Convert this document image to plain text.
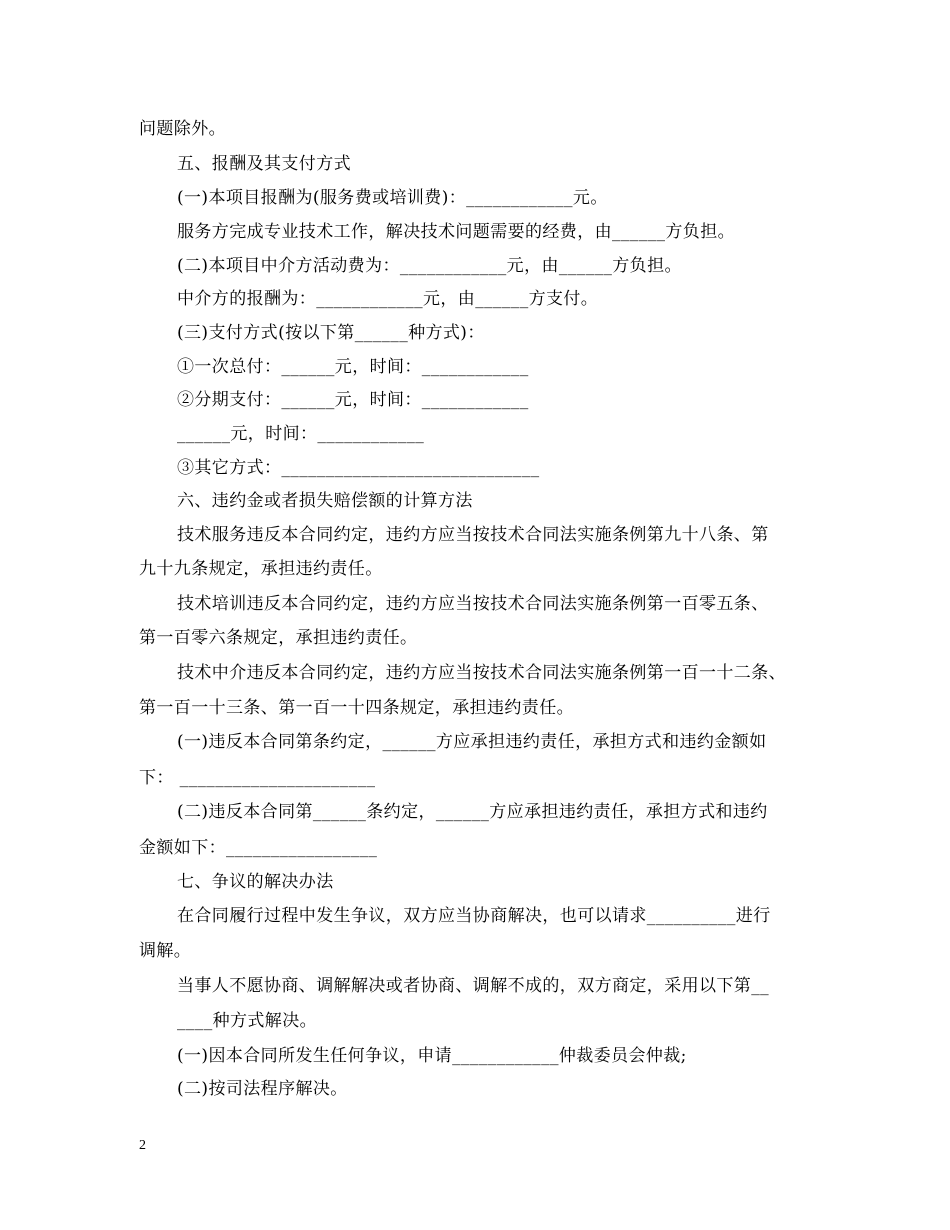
问题除外。
五、报酬及其支付方式
(一)本项目报酬为(服务费或培训费)：____________元。
服务方完成专业技术工作，解决技术问题需要的经费，由______方负担。
(二)本项目中介方活动费为：____________元，由______方负担。
中介方的报酬为：____________元，由______方支付。
(三)支付方式(按以下第______种方式)：
①一次总付：______元，时间：____________
②分期支付：______元，时间：____________
______元，时间：____________
③其它方式：_____________________________
六、违约金或者损失赔偿额的计算方法
技术服务违反本合同约定，违约方应当按技术合同法实施条例第九十八条、第
九十九条规定，承担违约责任。
技术培训违反本合同约定，违约方应当按技术合同法实施条例第一百零五条、
第一百零六条规定，承担违约责任。
技术中介违反本合同约定，违约方应当按技术合同法实施条例第一百一十二条、
第一百一十三条、第一百一十四条规定，承担违约责任。
(一)违反本合同第条约定，______方应承担违约责任，承担方式和违约金额如
下： ______________________
(二)违反本合同第______条约定，______方应承担违约责任，承担方式和违约
金额如下：_________________
七、争议的解决办法
在合同履行过程中发生争议，双方应当协商解决，也可以请求__________进行
调解。
当事人不愿协商、调解解决或者协商、调解不成的，双方商定，采用以下第__
____种方式解决。
(一)因本合同所发生任何争议，申请____________仲裁委员会仲裁;
(二)按司法程序解决。
2
